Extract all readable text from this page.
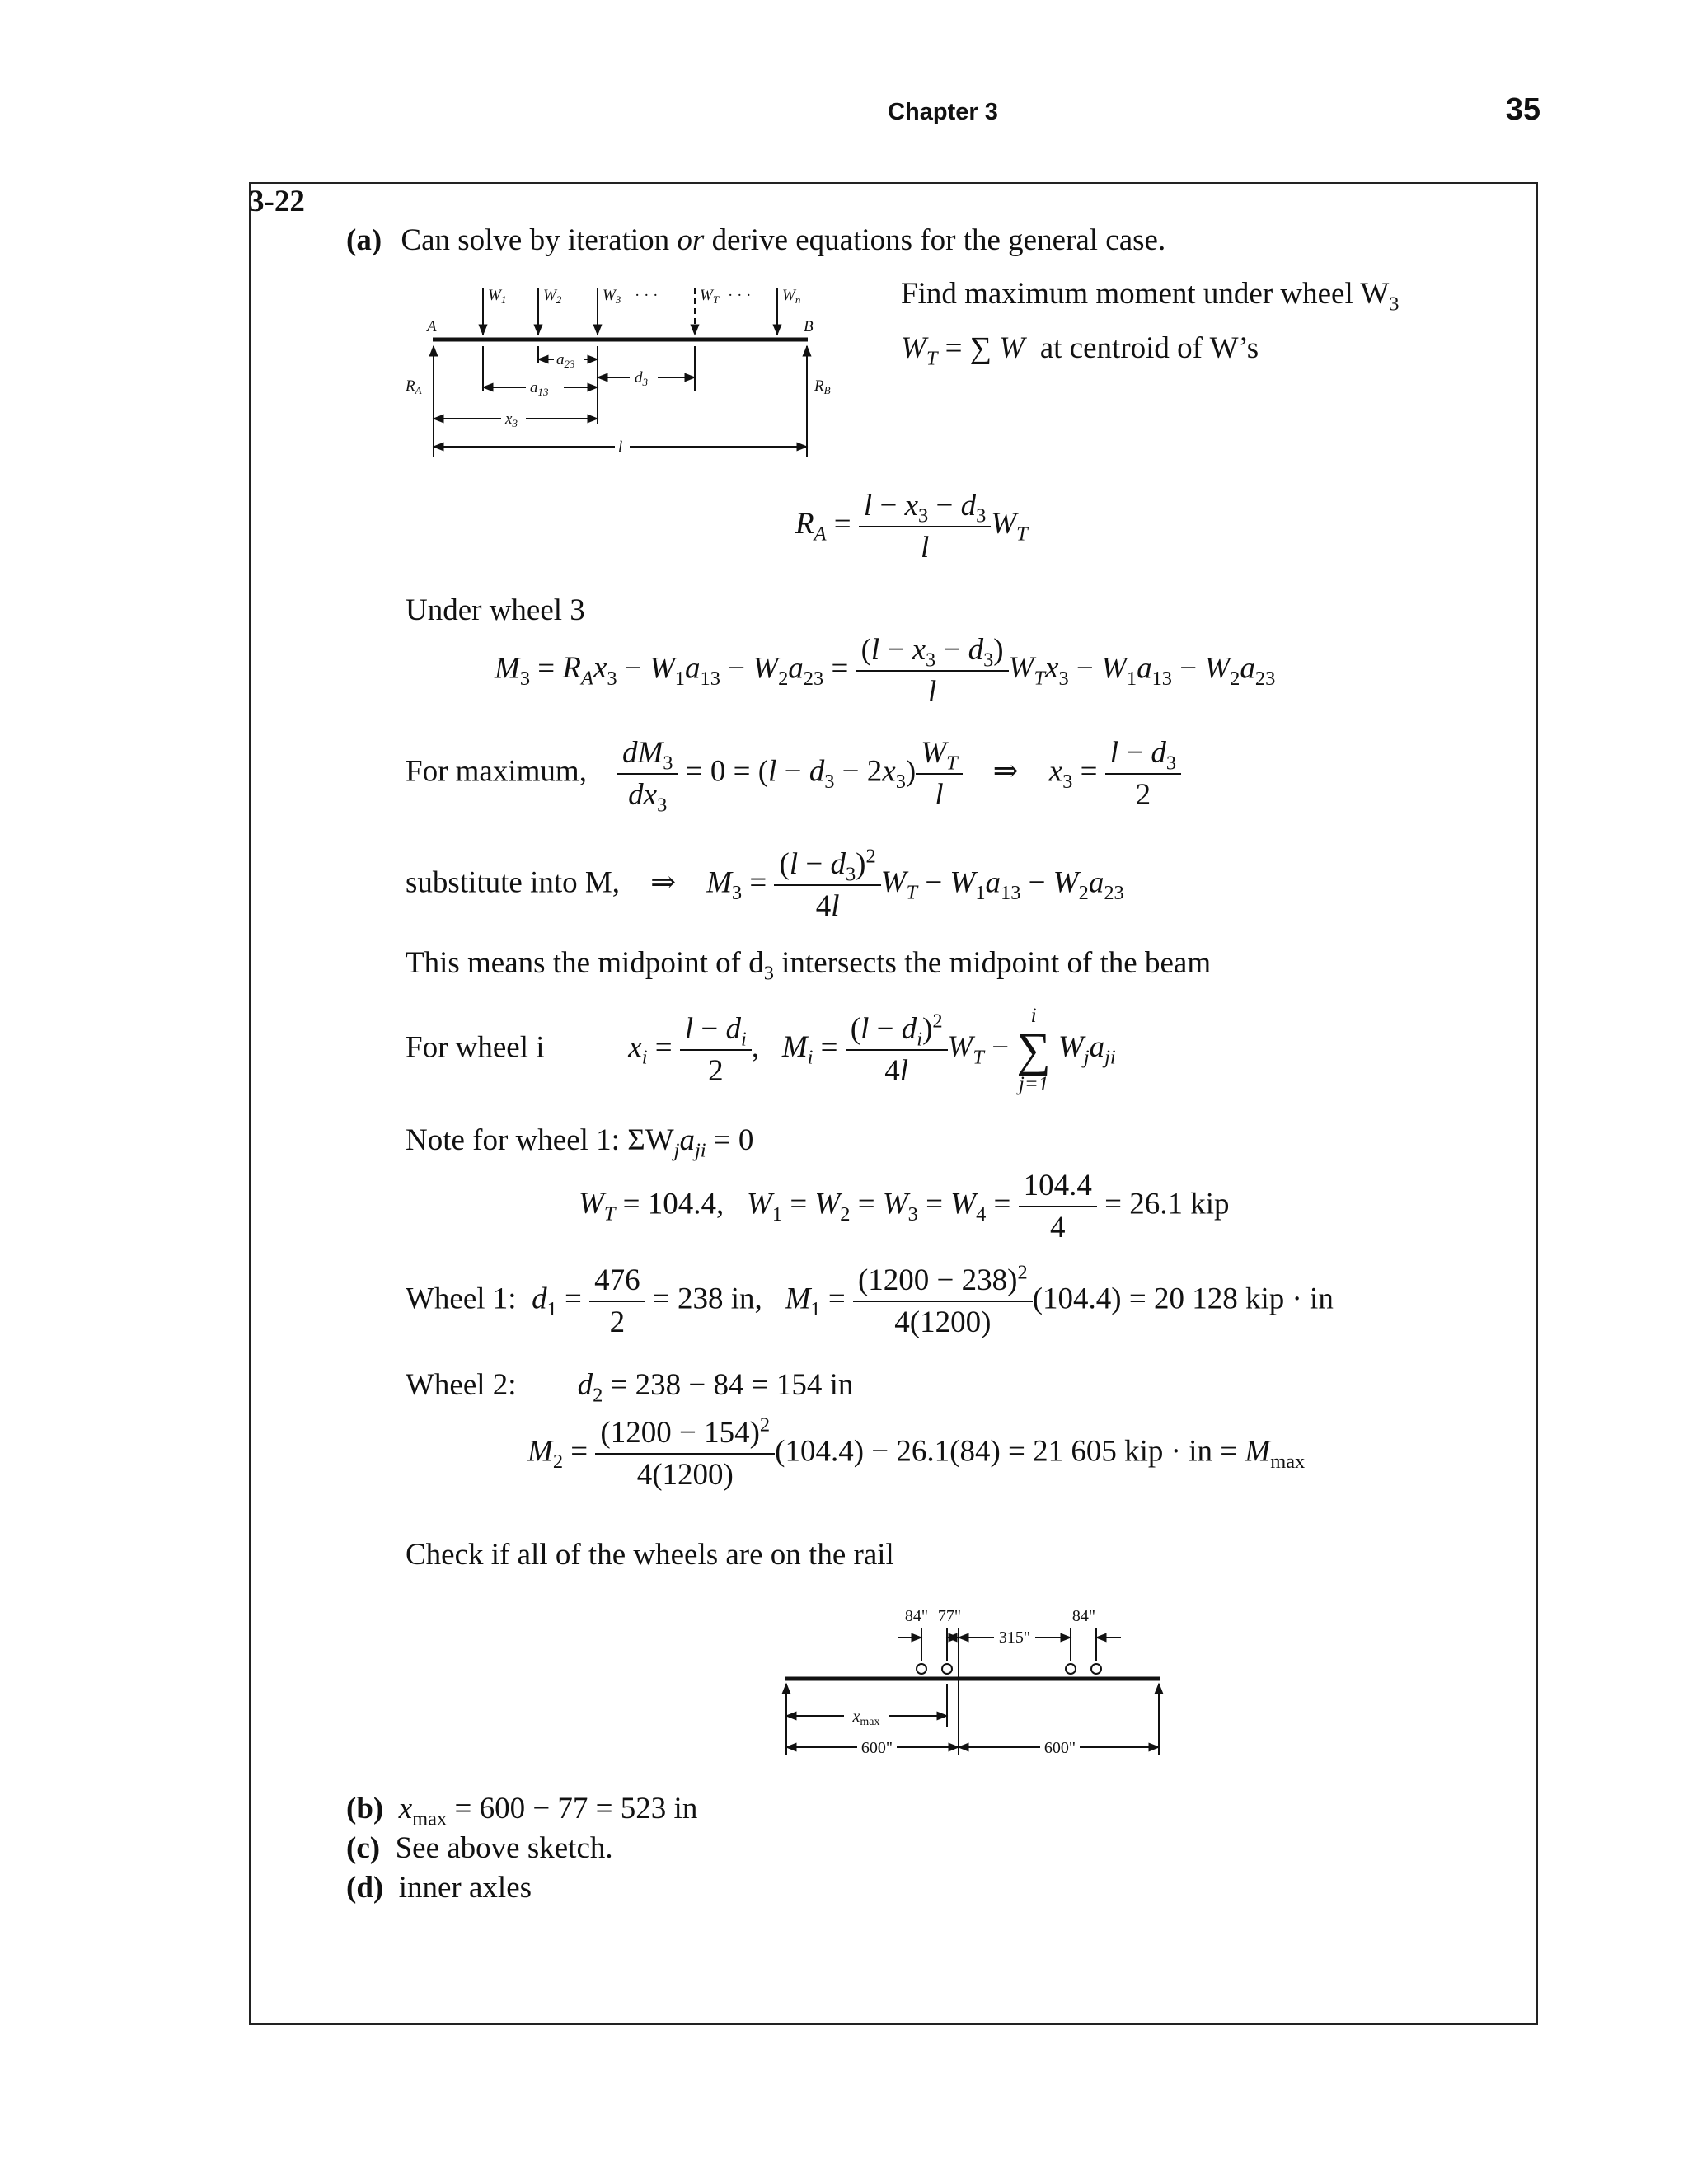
Chapter 3	35
3-22
(a) Can solve by iteration or derive equations for the general case.
$W_1$ $W_2$	$W_3$ · · ·	$W_T$ · · · $W_n$
A	B
$R_A$	$R_B$
$a_{23}$
$a_{13}$
$d_3$
$x_3$
l
Find maximum moment under wheel $W_3$
$W_T$ = ∑ W at centroid of W’s
$R_A = \frac{l - x_3 - d_3}{l} W_T$
Under wheel 3
$M_3 = R_Ax_3 - W_1a_{13} - W_2a_{23} = \frac{(l - x_3 - d_3)}{l} W_Tx_3 - W_1a_{13} - W_2a_{23}$
For maximum, $\frac{dM_3}{dx_3} = 0 = (l - d_3 - 2x_3) \frac{W_T}{l}$ ⇒    $x_3 = \frac{l - d_3}{2}$
substitute into M,    ⇒    $M_3 = \frac{(l - d_3)^2}{4l} W_T - W_1a_{13} - W_2a_{23}$
This means the midpoint of $d_3$ intersects the midpoint of the beam
For wheel i	$x_i = \frac{l - d_i}{2}$ ,   $M_i = \frac{(l - d_i)^2}{4l} W_T$ −
i
∑
j=1
$W_ja_{ji}$
Note for wheel 1: $\Sigma W_ja_{ji} = 0$
$W_T = 104.4$, $W_1 = W_2 = W_3 = W_4 = \frac{104.4}{4} = 26.1$ kip
Wheel 1: $d_1 = \frac{476}{2} = 238$ in, $M_1 = \frac{(1200 - 238)^2}{4(1200)} (104.4) = 20$ 128 kip · in
Wheel 2: $d_2 = 238 - 84 = 154$ in
$M_2 = \frac{(1200 - 154)^2}{4(1200)} (104.4) - 26.1(84) = 21$ 605 kip · in = $M_{max}$
Check if all of the wheels are on the rail
84" 77"
315"
84"
$x_{max}$
600"	600"
(b) $x_{max} = 600 - 77 = 523$ in
(c) See above sketch.
(d) inner axles
